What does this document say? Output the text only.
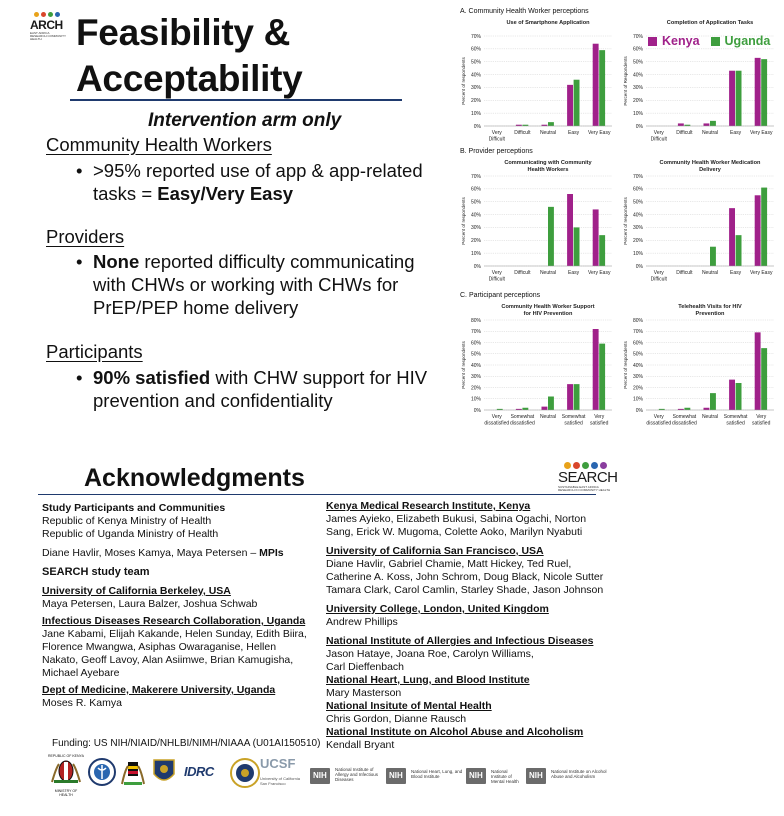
ARCH
EAST AFRICA RESEARCH COMMUNITY HEALTH Feasibility &
Acceptability
Intervention arm only
Community Health Workers
• >95% reported use of app & app-related tasks = Easy/Very Easy
Providers
• None reported difficulty communicating with CHWs or working with CHWs for PrEP/PEP home delivery
Participants
• 90% satisfied with CHW support for HIV prevention and confidentiality
A. Community Health Worker perceptions
B. Provider perceptions
C. Participant perceptions
Use of Smartphone Application
0%
10%
20%
30%
40%
50%
60%
70%
Percent of respondents
Very
Difficult
Difficult Neutral Easy Very Easy
Completion of Application Tasks
0%
10%
20%
30%
40%
50%
60%
70%
Percent of Respondents
Very
Difficult
Difficult Neutral Easy Very Easy
Communicating with Community
Health Workers
0%
10%
20%
30%
40%
50%
60%
70%
Percent of respondents
Very
Difficult
Difficult Neutral Easy Very Easy
Community Health Worker Medication
Delivery
0%
10%
20%
30%
40%
50%
60%
70%
Percent of respondents
Very
Difficult
Difficult Neutral Easy Very Easy
Community Health Worker Support
for HIV Prevention
0%
10%
20%
30%
40%
50%
60%
70%
80%
Percent of respondents
Very
dissatisfied
Somewhat
dissatisfied
Neutral Somewhat
satisfied
Very
satisfied
Telehealth Visits for HIV
Prevention
0%
10%
20%
30%
40%
50%
60%
70%
80%
Percent of respondents
Very
dissatisfied
Somewhat
dissatisfied
Neutral Somewhat
satisfied
Very
satisfied
Kenya Uganda
Acknowledgments	SEARCH
SUSTAINABLE EAST AFRICA RESEARCH IN COMMUNITY HEALTH
Study Participants and Communities
Republic of Kenya Ministry of Health
Republic of Uganda Ministry of Health
Diane Havlir, Moses Kamya, Maya Petersen – MPIs
SEARCH study team
University of California Berkeley, USA
Maya Petersen, Laura Balzer, Joshua Schwab
Infectious Diseases Research Collaboration, Uganda
Jane Kabami, Elijah Kakande, Helen Sunday, Edith Biira,
Florence Mwangwa, Asiphas Owaraganise, Hellen
Nakato, Geoff Lavoy, Alan Asiimwe, Brian Kamugisha,
Michael Ayebare
Dept of Medicine, Makerere University, Uganda
Moses R. Kamya
Kenya Medical Research Institute, Kenya
James Ayieko, Elizabeth Bukusi, Sabina Ogachi, Norton
Sang, Erick W. Mugoma, Colette Aoko, Marilyn Nyabuti
University of California San Francisco, USA
Diane Havlir, Gabriel Chamie, Matt Hickey, Ted Ruel,
Catherine A. Koss, John Schrom, Doug Black, Nicole Sutter
Tamara Clark, Carol Camlin, Starley Shade, Jason Johnson
University College, London, United Kingdom
Andrew Phillips
National Institute of Allergies and Infectious Diseases
Jason Hataye, Joana Roe, Carolyn Williams,
Carl Dieffenbach
National Heart, Lung, and Blood Institute
Mary Masterson
National Insitute of Mental Health
Chris Gordon, Dianne Rausch
National Institute on Alcohol Abuse and Alcoholism
Kendall Bryant
Funding: US NIH/NIAID/NHLBI/NIMH/NIAAA (U01AI150510)
REPUBLIC OF KENYA
MINISTRY OF HEALTH
IDRC
UCSF
University of California San Francisco
NIH
National Institute of Allergy and Infectious Diseases	NIH	National Heart, Lung, and Blood Institute	NIH	National Institute of Mental Health
NIH	National Institute on Alcohol Abuse and Alcoholism
